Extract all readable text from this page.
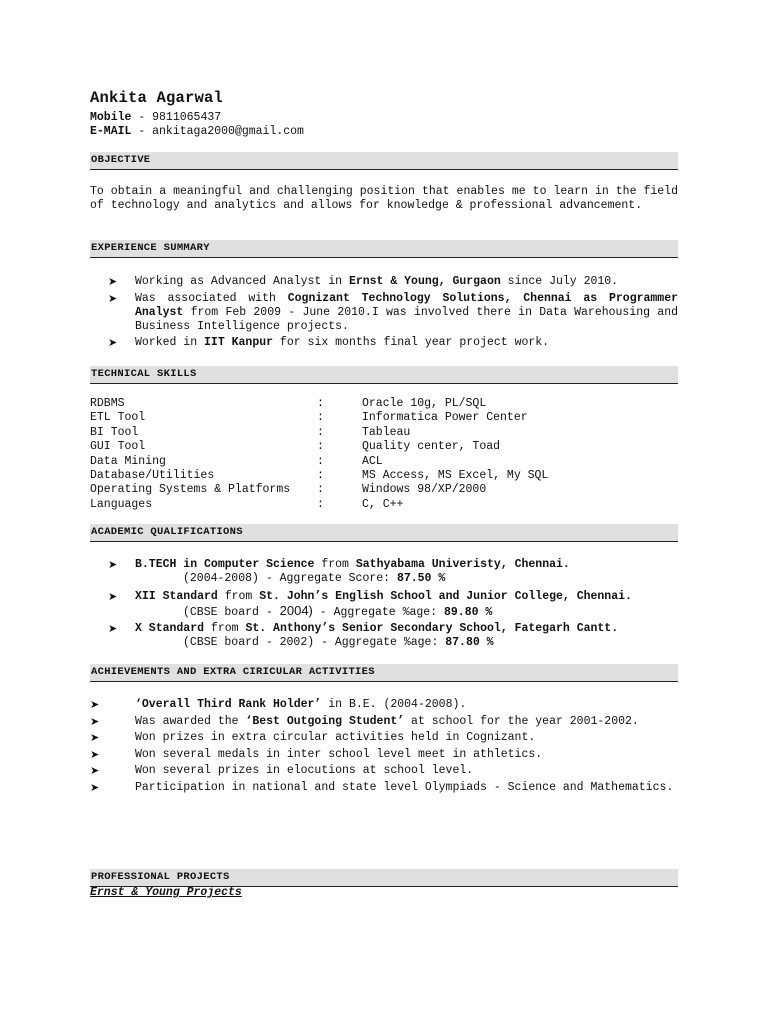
Ankita Agarwal
Mobile - 9811065437
E-MAIL - ankitaga2000@gmail.com
OBJECTIVE
To obtain a meaningful and challenging position that enables me to learn in the field of technology and analytics and allows for knowledge & professional advancement.
EXPERIENCE SUMMARY
➤ Working as Advanced Analyst in Ernst & Young, Gurgaon since July 2010.
➤ Was associated with Cognizant Technology Solutions, Chennai as Programmer Analyst from Feb 2009 - June 2010.I was involved there in Data Warehousing and Business Intelligence projects.
➤ Worked in IIT Kanpur for six months final year project work.
TECHNICAL SKILLS
RDBMS	:	Oracle 10g, PL/SQL
ETL Tool	:	Informatica Power Center
BI Tool	:	Tableau
GUI Tool	:	Quality center, Toad
Data Mining	:	ACL
Database/Utilities	:	MS Access, MS Excel, My SQL
Operating Systems & Platforms	:	Windows 98/XP/2000
Languages	:	C, C++
ACADEMIC QUALIFICATIONS
➤ B.TECH in Computer Science from Sathyabama Univeristy, Chennai.
(2004-2008) - Aggregate Score: 87.50 %
➤ XII Standard from St. John’s English School and Junior College, Chennai.
(CBSE board - 2004) - Aggregate %age: 89.80 %
➤ X Standard from St. Anthony’s Senior Secondary School, Fategarh Cantt.
(CBSE board - 2002) - Aggregate %age: 87.80 %
ACHIEVEMENTS AND EXTRA CIRICULAR ACTIVITIES
➤	‘Overall Third Rank Holder’ in B.E. (2004-2008).
➤	Was awarded the ‘Best Outgoing Student’ at school for the year 2001-2002.
➤	Won prizes in extra circular activities held in Cognizant.
➤	Won several medals in inter school level meet in athletics.
➤	Won several prizes in elocutions at school level.
➤	Participation in national and state level Olympiads - Science and Mathematics.
PROFESSIONAL PROJECTS
Ernst & Young Projects
